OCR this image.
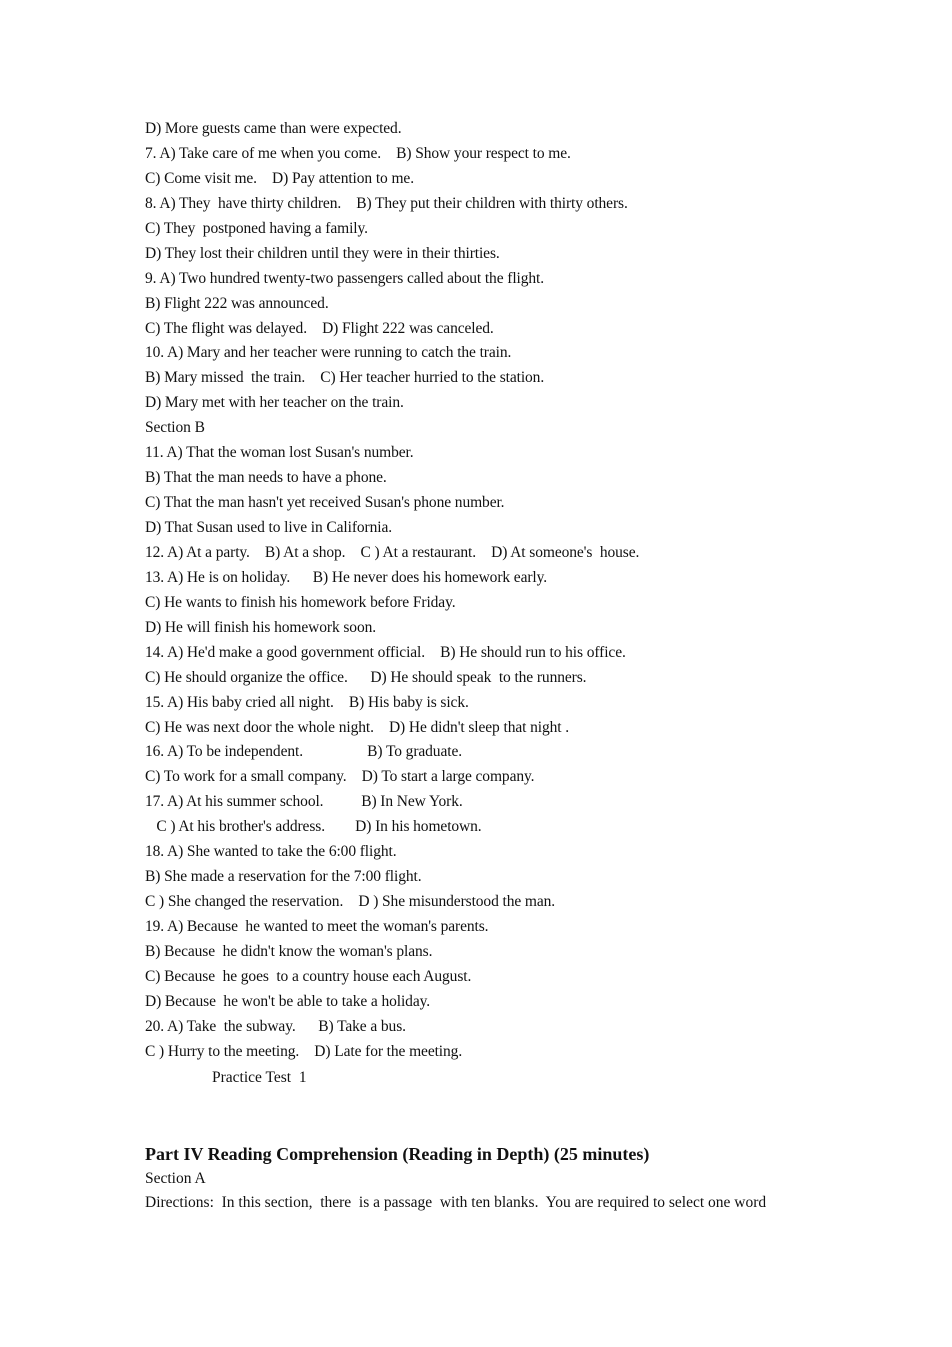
D) More guests came than were expected.
7. A) Take care of me when you come.    B) Show your respect to me.
C) Come visit me.    D) Pay attention to me.
8. A) They  have thirty children.    B) They put their children with thirty others.
C) They  postponed having a family.
D) They lost their children until they were in their thirties.
9. A) Two hundred twenty-two passengers called about the flight.
B) Flight 222 was announced.
C) The flight was delayed.    D) Flight 222 was canceled.
10. A) Mary and her teacher were running to catch the train.
B) Mary missed  the train.    C) Her teacher hurried to the station.
D) Mary met with her teacher on the train.
Section B
11. A) That the woman lost Susan's number.
B) That the man needs to have a phone.
C) That the man hasn't yet received Susan's phone number.
D) That Susan used to live in California.
12. A) At a party.    B) At a shop.    C ) At a restaurant.    D) At someone's  house.
13. A) He is on holiday.      B) He never does his homework early.
C) He wants to finish his homework before Friday.
D) He will finish his homework soon.
14. A) He'd make a good government official.    B) He should run to his office.
C) He should organize the office.      D) He should speak  to the runners.
15. A) His baby cried all night.    B) His baby is sick.
C) He was next door the whole night.    D) He didn't sleep that night .
16. A) To be independent.                 B) To graduate.
C) To work for a small company.    D) To start a large company.
17. A) At his summer school.          B) In New York.
C ) At his brother's address.        D) In his hometown.
18. A) She wanted to take the 6:00 flight.
B) She made a reservation for the 7:00 flight.
C ) She changed the reservation.    D ) She misunderstood the man.
19. A) Because  he wanted to meet the woman's parents.
B) Because  he didn't know the woman's plans.
C) Because  he goes  to a country house each August.
D) Because  he won't be able to take a holiday.
20. A) Take  the subway.      B) Take a bus.
C ) Hurry to the meeting.    D) Late for the meeting.
Practice Test  1
Part IV Reading Comprehension (Reading in Depth) (25 minutes)
Section A
Directions:  In this section,  there  is a passage  with ten blanks.  You are required to select one word
